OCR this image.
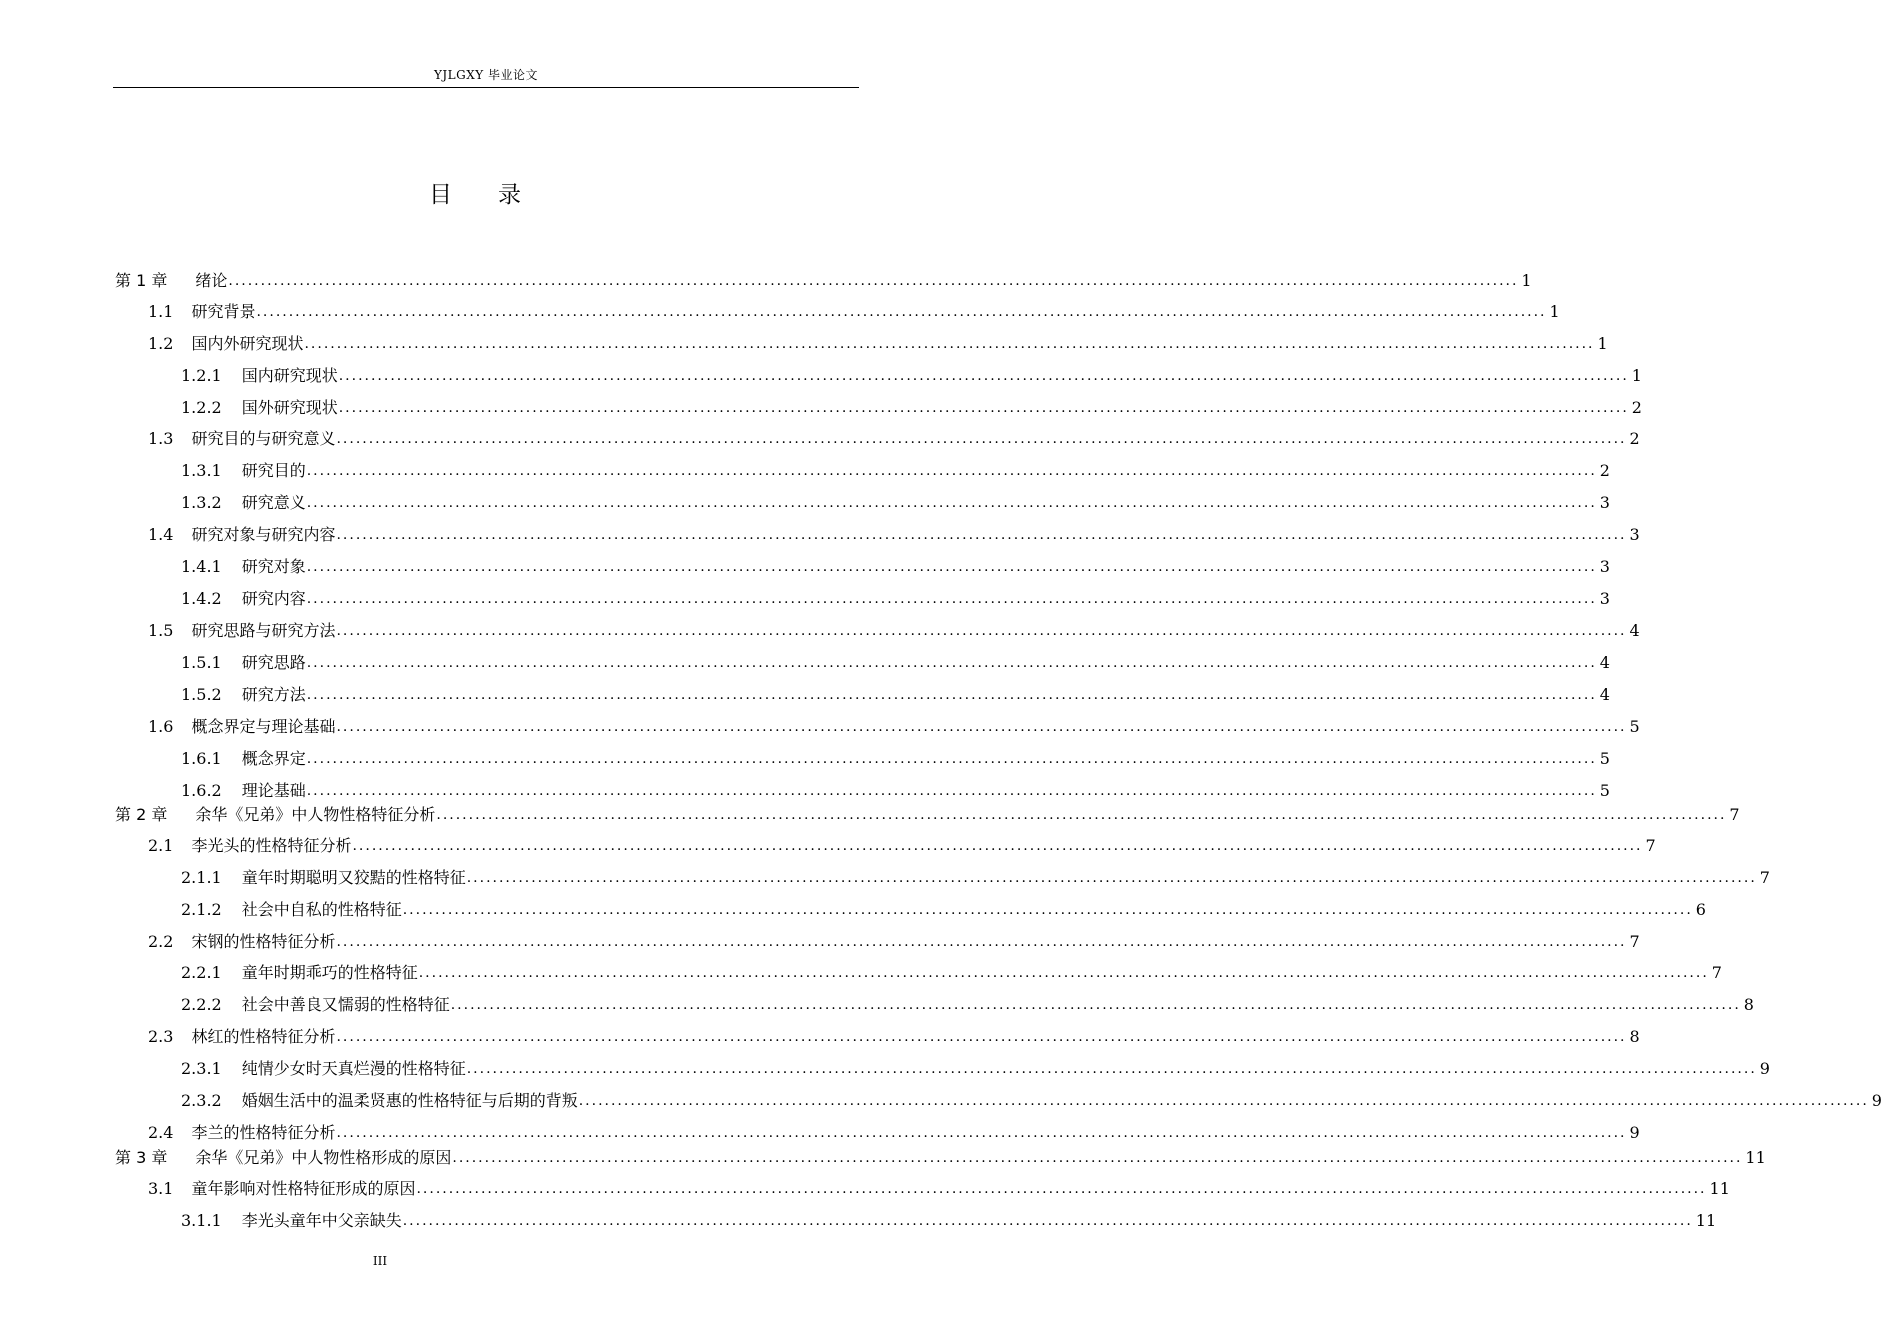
YJLGXY 毕业论文
目 录
第 1 章 绪论 ........................................................................................................................................................................................................ 1
1.1 研究背景 ........................................................................................................................................................................................................ 1
1.2 国内外研究现状 ........................................................................................................................................................................................................ 1
1.2.1 国内研究现状 ........................................................................................................................................................................................................ 1
1.2.2 国外研究现状 ........................................................................................................................................................................................................ 2
1.3 研究目的与研究意义 ........................................................................................................................................................................................................ 2
1.3.1 研究目的 ........................................................................................................................................................................................................ 2
1.3.2 研究意义 ........................................................................................................................................................................................................ 3
1.4 研究对象与研究内容 ........................................................................................................................................................................................................ 3
1.4.1 研究对象 ........................................................................................................................................................................................................ 3
1.4.2 研究内容 ........................................................................................................................................................................................................ 3
1.5 研究思路与研究方法 ........................................................................................................................................................................................................ 4
1.5.1 研究思路 ........................................................................................................................................................................................................ 4
1.5.2 研究方法 ........................................................................................................................................................................................................ 4
1.6 概念界定与理论基础 ........................................................................................................................................................................................................ 5
1.6.1 概念界定 ........................................................................................................................................................................................................ 5
1.6.2 理论基础 ........................................................................................................................................................................................................ 5
第 2 章 余华《兄弟》中人物性格特征分析 ........................................................................................................................................................................................................ 7
2.1 李光头的性格特征分析 ........................................................................................................................................................................................................ 7
2.1.1 童年时期聪明又狡黠的性格特征 ........................................................................................................................................................................................................ 7
2.1.2 社会中自私的性格特征 ........................................................................................................................................................................................................ 6
2.2 宋钢的性格特征分析 ........................................................................................................................................................................................................ 7
2.2.1 童年时期乖巧的性格特征 ........................................................................................................................................................................................................ 7
2.2.2 社会中善良又懦弱的性格特征 ........................................................................................................................................................................................................ 8
2.3 林红的性格特征分析 ........................................................................................................................................................................................................ 8
2.3.1 纯情少女时天真烂漫的性格特征 ........................................................................................................................................................................................................ 9
2.3.2 婚姻生活中的温柔贤惠的性格特征与后期的背叛 ........................................................................................................................................................................................................ 9
2.4 李兰的性格特征分析 ........................................................................................................................................................................................................ 9
第 3 章 余华《兄弟》中人物性格形成的原因 ........................................................................................................................................................................................................ 11
3.1 童年影响对性格特征形成的原因 ........................................................................................................................................................................................................ 11
3.1.1 李光头童年中父亲缺失 ........................................................................................................................................................................................................ 11
III
